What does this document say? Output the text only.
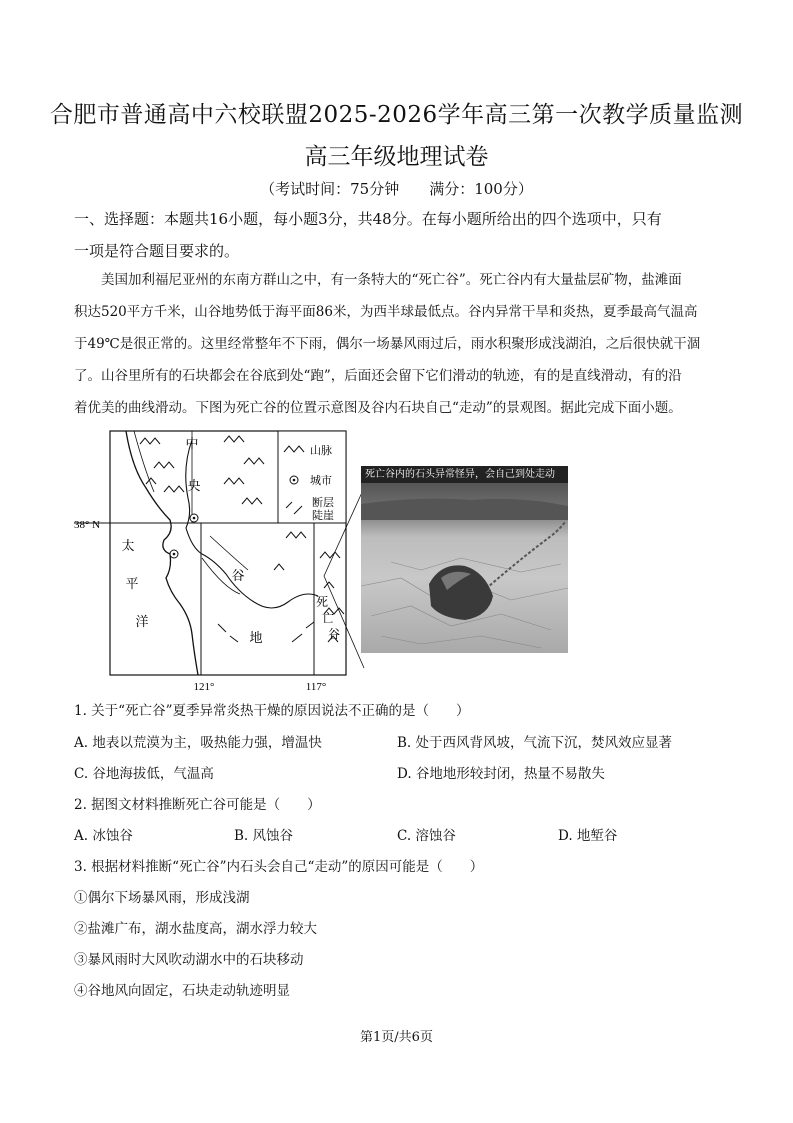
合肥市普通高中六校联盟2025-2026学年高三第一次教学质量监测
高三年级地理试卷
（考试时间：75分钟　　满分：100分）
一、选择题：本题共16小题，每小题3分，共48分。在每小题所给出的四个选项中，只有
一项是符合题目要求的。
　　美国加利福尼亚州的东南方群山之中，有一条特大的“死亡谷”。死亡谷内有大量盐层矿物，盐滩面
积达520平方千米，山谷地势低于海平面86米，为西半球最低点。谷内异常干旱和炎热，夏季最高气温高
于49℃是很正常的。这里经常整年不下雨，偶尔一场暴风雨过后，雨水积聚形成浅湖泊，之后很快就干涸
了。山谷里所有的石块都会在谷底到处“跑”，后面还会留下它们滑动的轨迹，有的是直线滑动，有的沿
着优美的曲线滑动。下图为死亡谷的位置示意图及谷内石块自己“走动”的景观图。据此完成下面小题。
中
央
谷
地
太
平
洋
死
亡
谷
38° N
121°	117°
山脉
城市
断层
陡崖
死亡谷内的石头异常怪异，会自己到处走动
1. 关于“死亡谷”夏季异常炎热干燥的原因说法不正确的是（　　）
A. 地表以荒漠为主，吸热能力强，增温快	B. 处于西风背风坡，气流下沉，焚风效应显著
C. 谷地海拔低，气温高	D. 谷地地形较封闭，热量不易散失
2. 据图文材料推断死亡谷可能是（　　）
A. 冰蚀谷	B. 风蚀谷	C. 溶蚀谷	D. 地堑谷
3. 根据材料推断“死亡谷”内石头会自己“走动”的原因可能是（　　）
①偶尔下场暴风雨，形成浅湖
②盐滩广布，湖水盐度高，湖水浮力较大
③暴风雨时大风吹动湖水中的石块移动
④谷地风向固定，石块走动轨迹明显
第1页/共6页
